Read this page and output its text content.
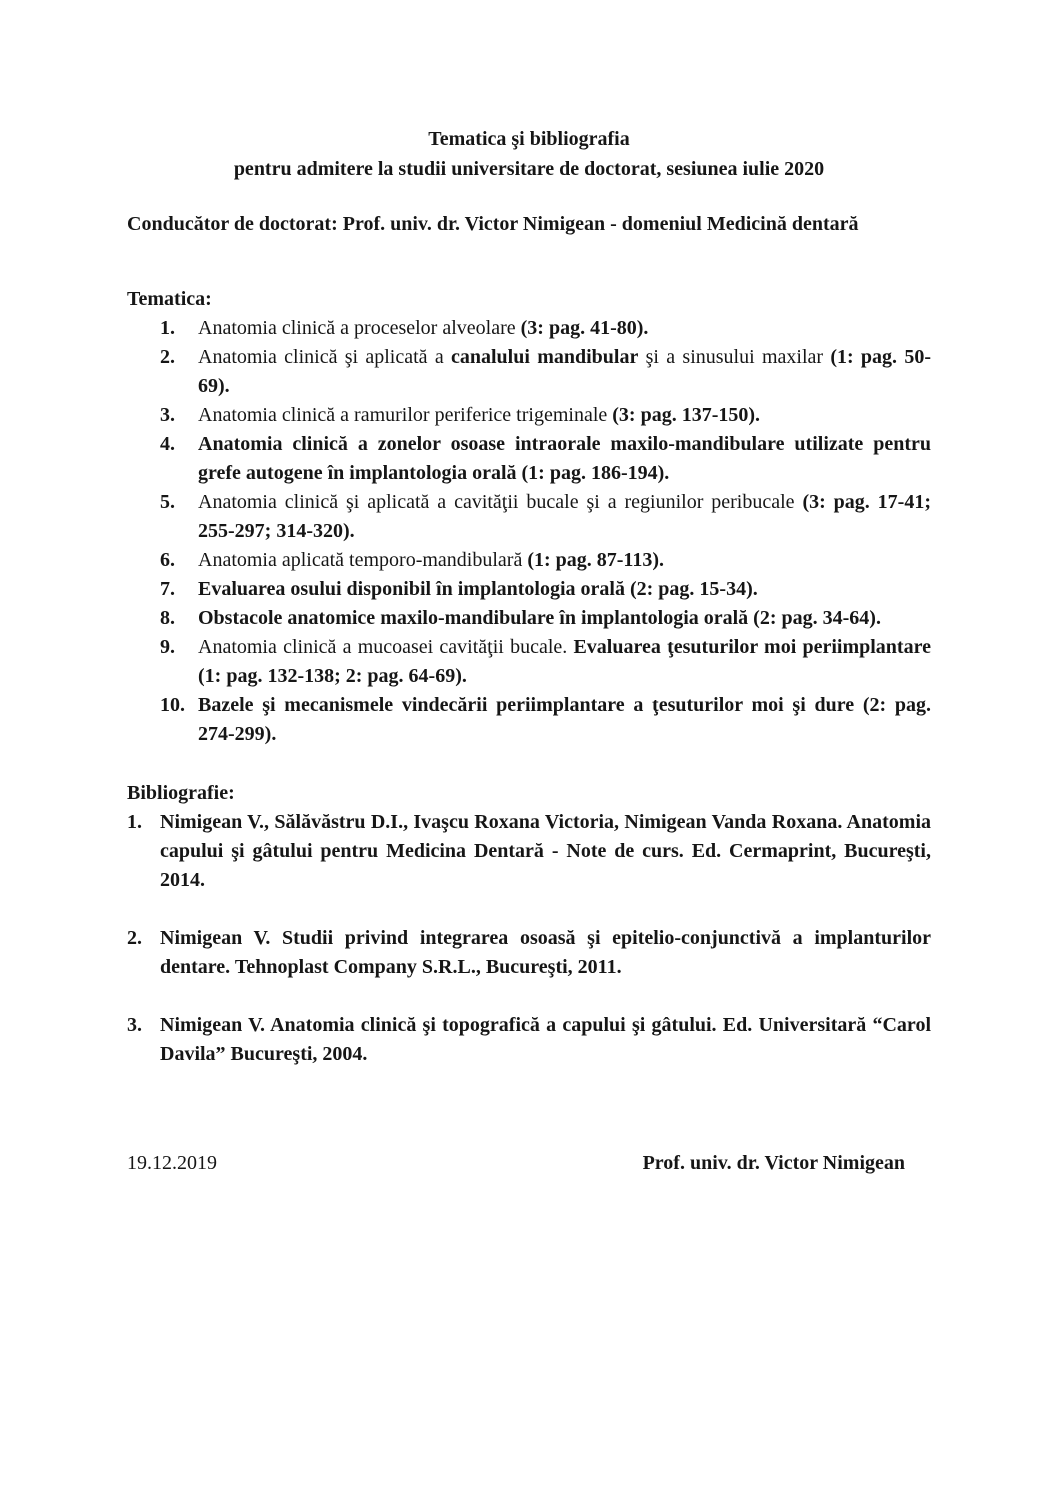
Tematica şi bibliografia
pentru admitere la studii universitare de doctorat, sesiunea iulie 2020

Conducător de doctorat: Prof. univ. dr. Victor Nimigean - domeniul Medicină dentară

Tematica:
1. Anatomia clinică a proceselor alveolare (3: pag. 41-80).
2. Anatomia clinică şi aplicată a canalului mandibular şi a sinusului maxilar (1: pag. 50-69).
3. Anatomia clinică a ramurilor periferice trigeminale (3: pag. 137-150).
4. Anatomia clinică a zonelor osoase intraorale maxilo-mandibulare utilizate pentru grefe autogene în implantologia orală (1: pag. 186-194).
5. Anatomia clinică şi aplicată a cavităţii bucale şi a regiunilor peribucale (3: pag. 17-41; 255-297; 314-320).
6. Anatomia aplicată temporo-mandibulară (1: pag. 87-113).
7. Evaluarea osului disponibil în implantologia orală (2: pag. 15-34).
8. Obstacole anatomice maxilo-mandibulare în implantologia orală (2: pag. 34-64).
9. Anatomia clinică a mucoasei cavităţii bucale. Evaluarea ţesuturilor moi periimplantare (1: pag. 132-138; 2: pag. 64-69).
10. Bazele şi mecanismele vindecării periimplantare a ţesuturilor moi şi dure (2: pag. 274-299).
Bibliografie:
1. Nimigean V., Sălăvăstru D.I., Ivaşcu Roxana Victoria, Nimigean Vanda Roxana. Anatomia capului şi gâtului pentru Medicina Dentară - Note de curs. Ed. Cermaprint, Bucureşti, 2014.
2. Nimigean V. Studii privind integrarea osoasă şi epitelio-conjunctivă a implanturilor dentare. Tehnoplast Company S.R.L., Bucureşti, 2011.
3. Nimigean V. Anatomia clinică şi topografică a capului şi gâtului. Ed. Universitară “Carol Davila” Bucureşti, 2004.
19.12.2019	Prof. univ. dr. Victor Nimigean
